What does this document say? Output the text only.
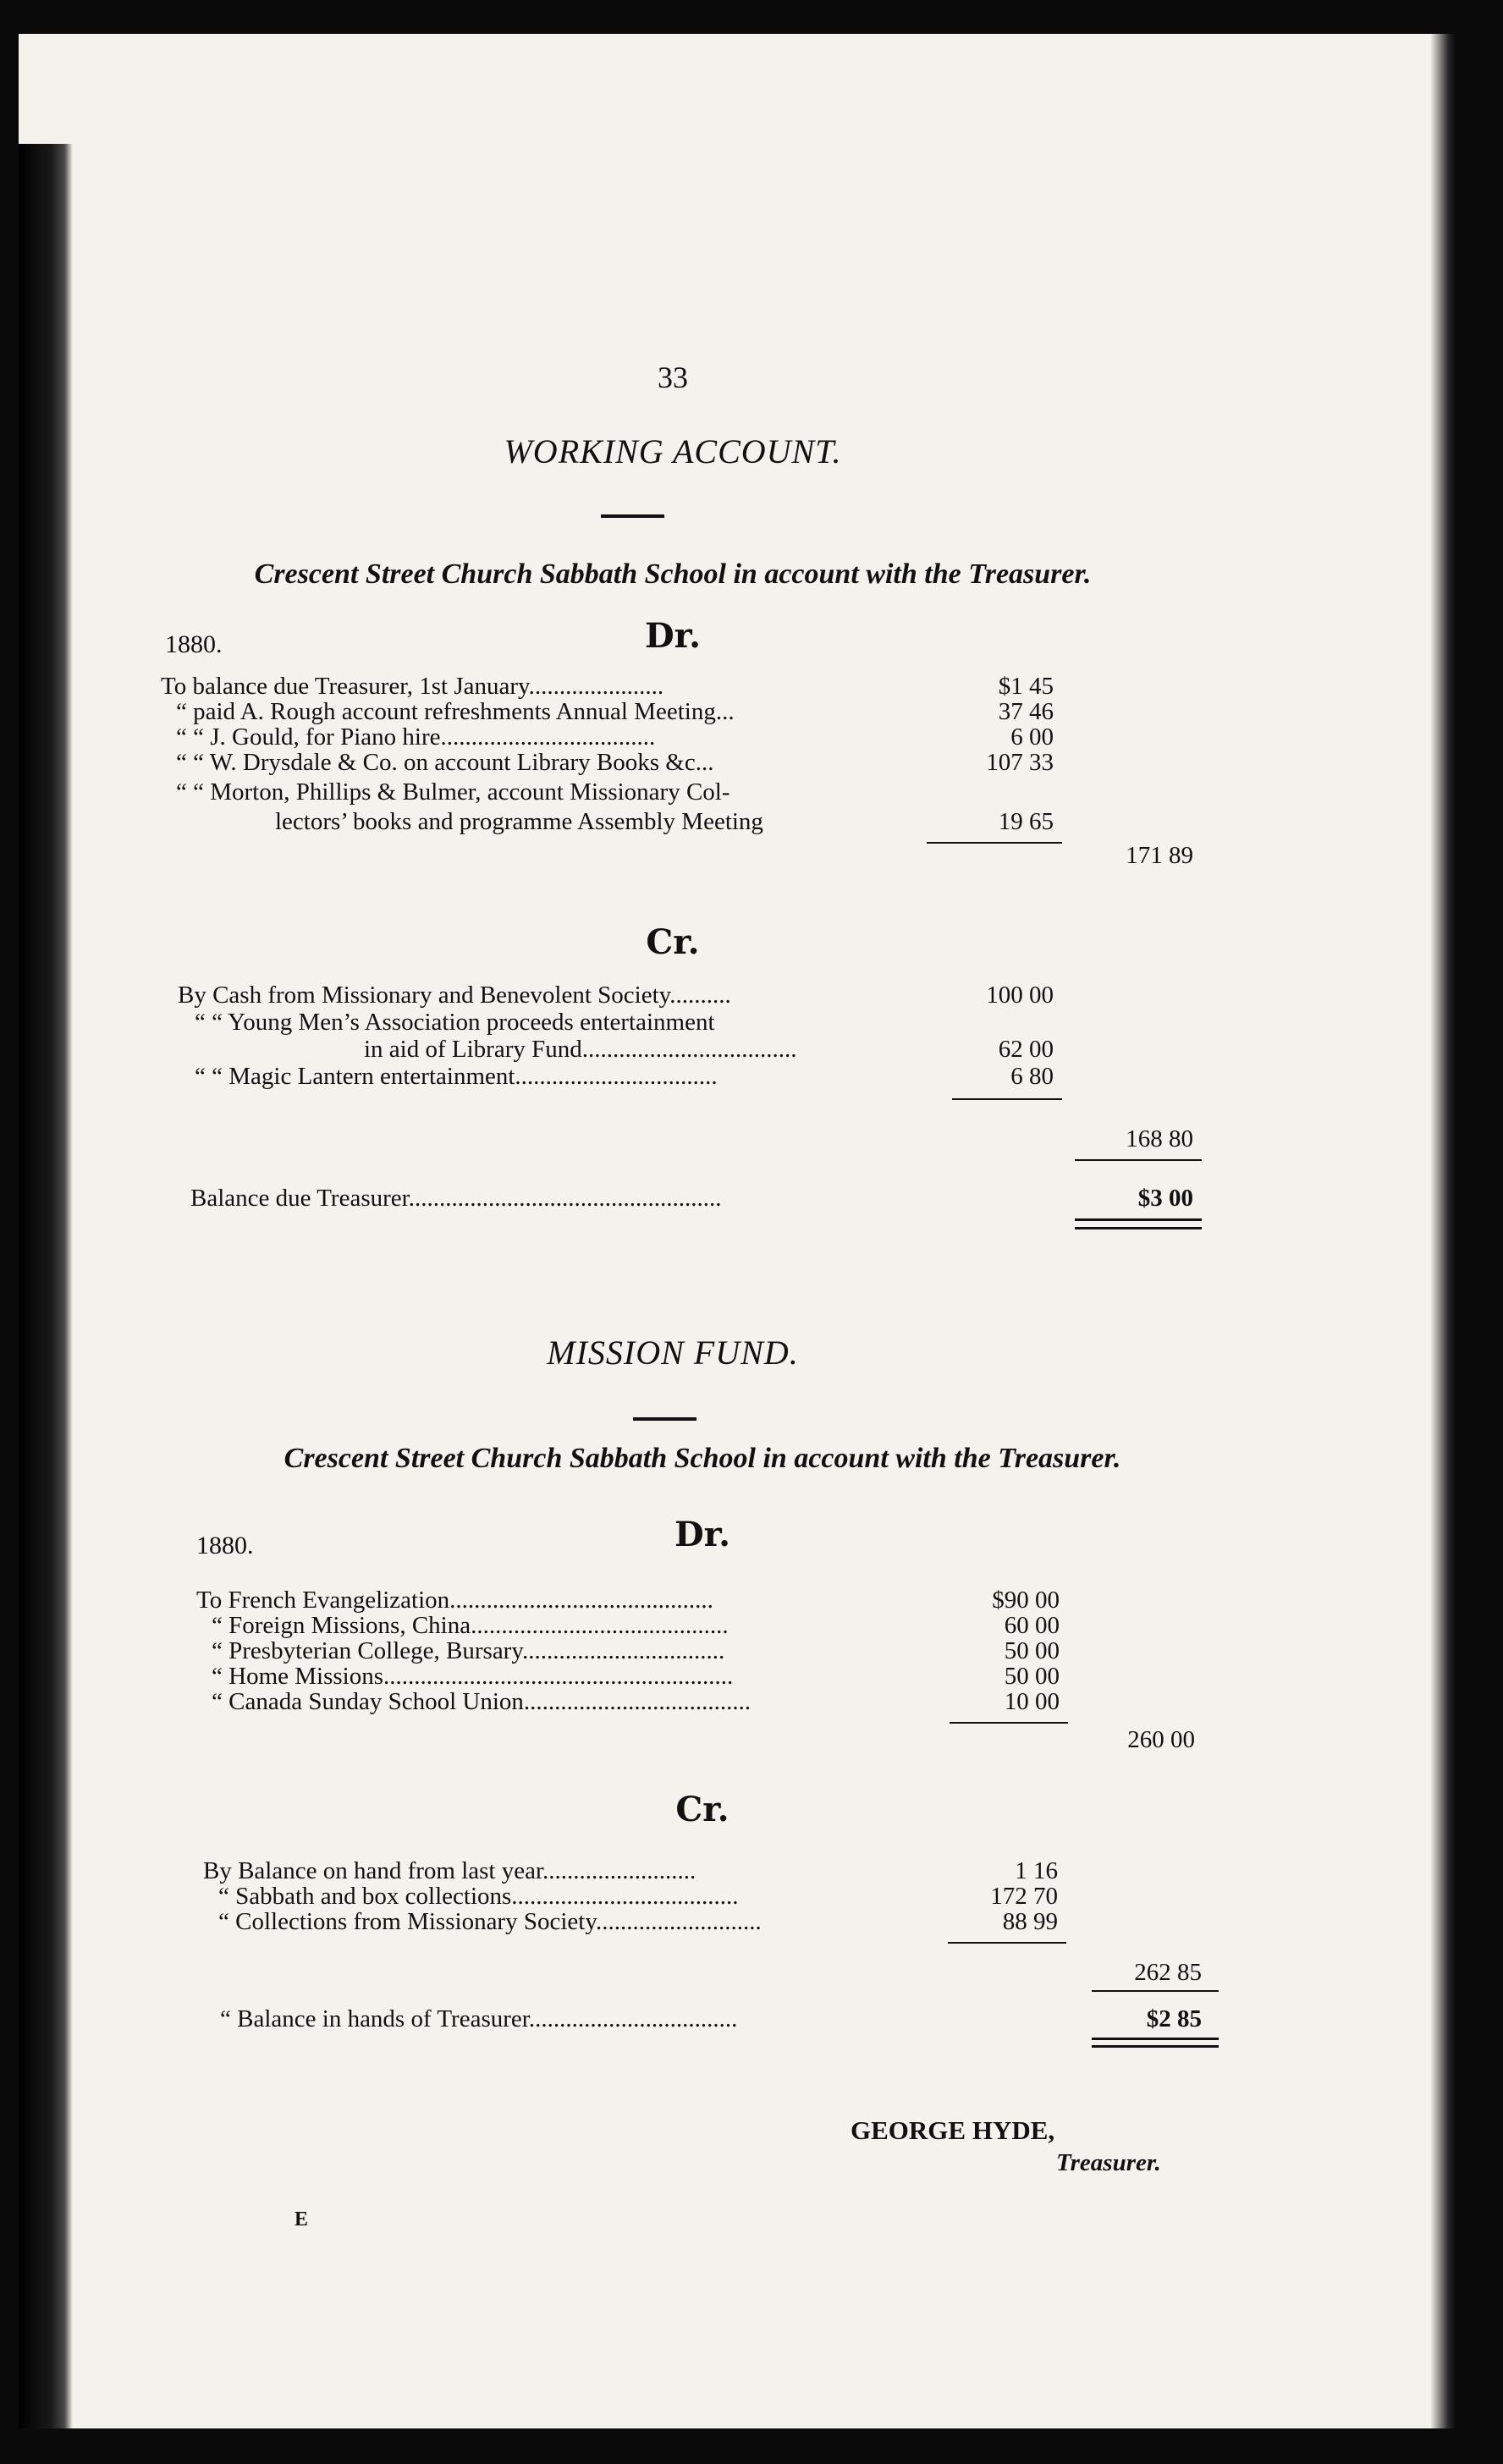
33
WORKING ACCOUNT.
Crescent Street Church Sabbath School in account with the Treasurer.
1880.	Dr.
To balance due Treasurer, 1st January......................	$1 45
“ paid A. Rough account refreshments Annual Meeting...	37 46
“ “ J. Gould, for Piano hire...................................	6 00
“ “ W. Drysdale & Co. on account Library Books &c...	107 33
“ “ Morton, Phillips & Bulmer, account Missionary Col-
lectors’ books and programme Assembly Meeting	19 65
171 89
Cr.
By Cash from Missionary and Benevolent Society..........	100 00
“ “ Young Men’s Association proceeds entertainment
in aid of Library Fund...................................	62 00
“ “ Magic Lantern entertainment.................................	6 80
168 80
Balance due Treasurer...................................................	$3 00
MISSION FUND.
Crescent Street Church Sabbath School in account with the Treasurer.
1880.	Dr.
To French Evangelization...........................................	$90 00
“ Foreign Missions, China..........................................	60 00
“ Presbyterian College, Bursary.................................	50 00
“ Home Missions.........................................................	50 00
“ Canada Sunday School Union.....................................	10 00
260 00
Cr.
By Balance on hand from last year.........................	1 16
“ Sabbath and box collections.....................................	172 70
“ Collections from Missionary Society...........................	88 99
262 85
“ Balance in hands of Treasurer..................................	$2 85
GEORGE HYDE,
Treasurer.
E
